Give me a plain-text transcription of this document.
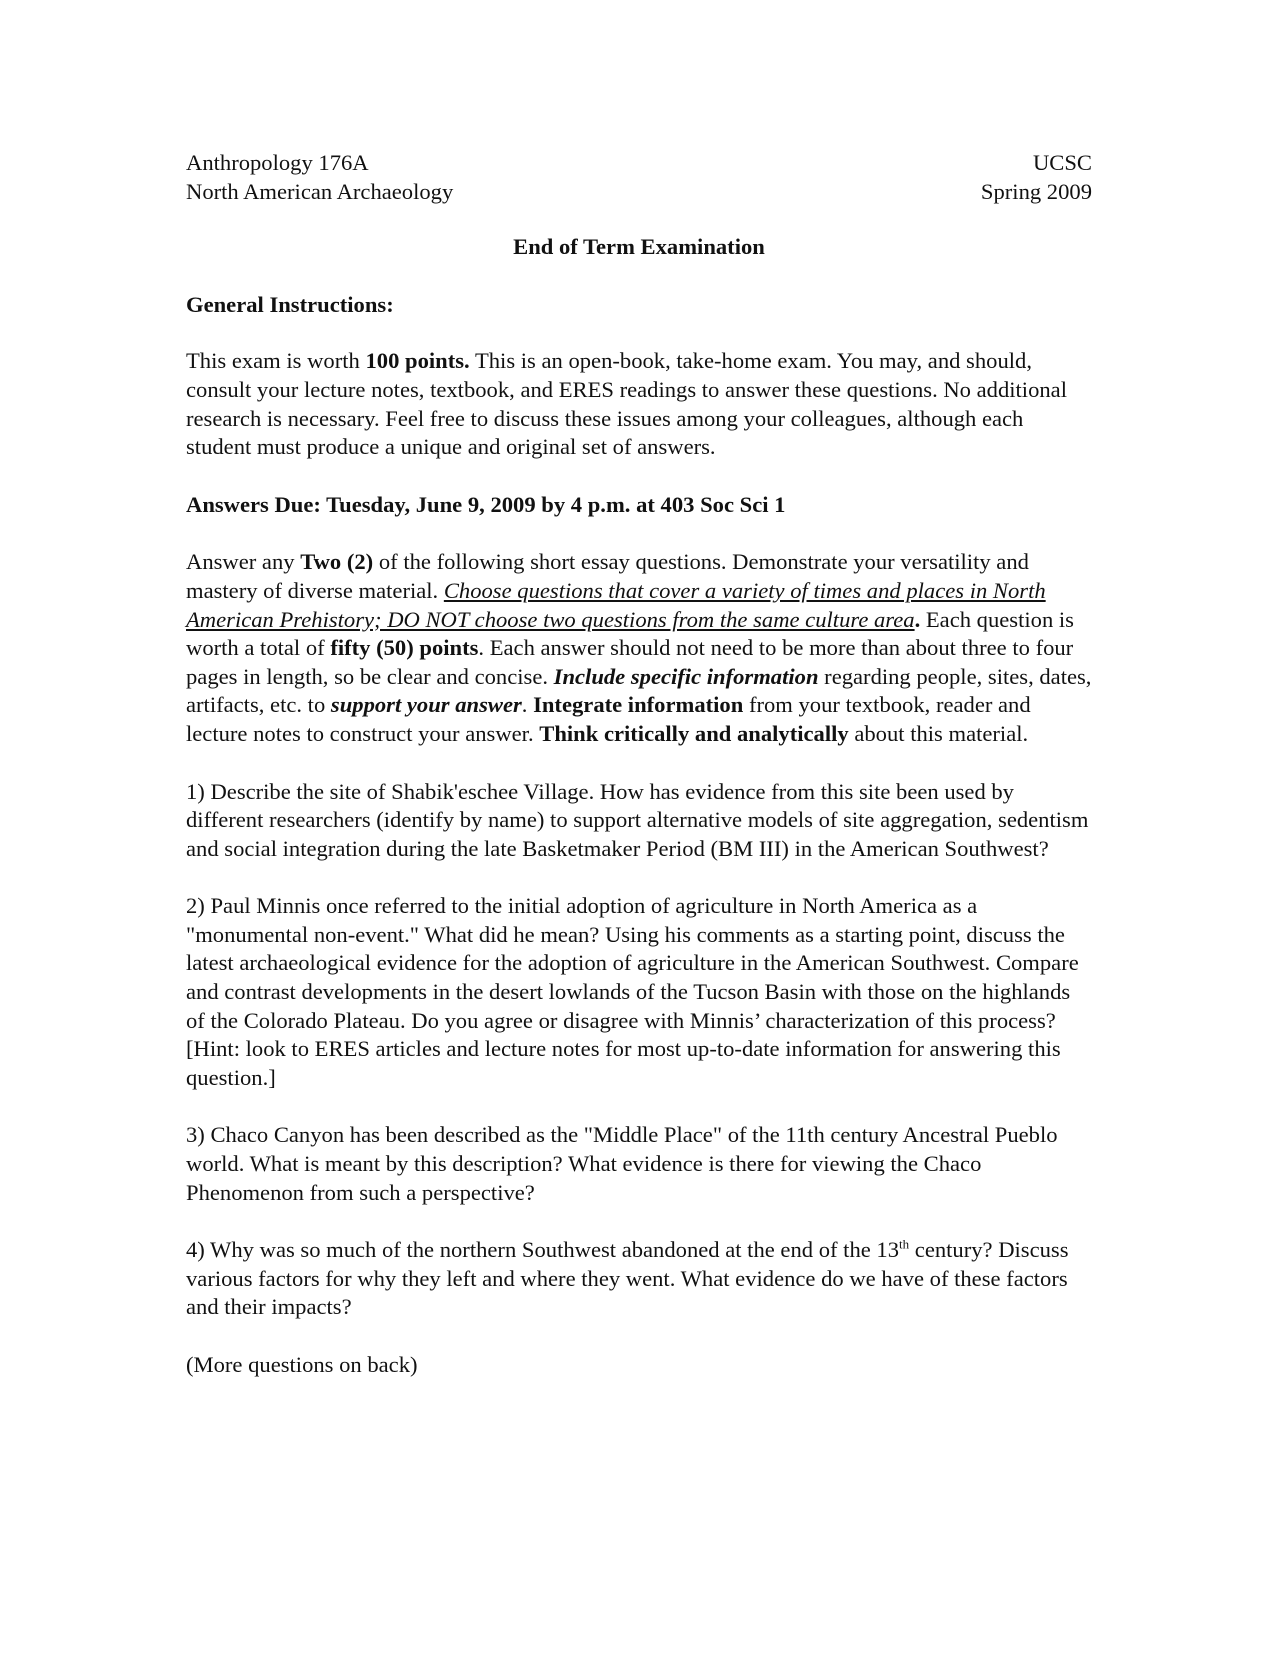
Anthropology 176A	UCSC
North American Archaeology	Spring 2009
End of Term Examination
General Instructions:

This exam is worth 100 points. This is an open-book, take-home exam. You may, and should, consult your lecture notes, textbook, and ERES readings to answer these questions. No additional research is necessary. Feel free to discuss these issues among your colleagues, although each student must produce a unique and original set of answers.

Answers Due: Tuesday, June 9, 2009 by 4 p.m. at 403 Soc Sci 1

Answer any Two (2) of the following short essay questions. Demonstrate your versatility and mastery of diverse material. Choose questions that cover a variety of times and places in North American Prehistory; DO NOT choose two questions from the same culture area. Each question is worth a total of fifty (50) points. Each answer should not need to be more than about three to four pages in length, so be clear and concise. Include specific information regarding people, sites, dates, artifacts, etc. to support your answer. Integrate information from your textbook, reader and lecture notes to construct your answer. Think critically and analytically about this material.

1) Describe the site of Shabik'eschee Village. How has evidence from this site been used by different researchers (identify by name) to support alternative models of site aggregation, sedentism and social integration during the late Basketmaker Period (BM III) in the American Southwest?

2) Paul Minnis once referred to the initial adoption of agriculture in North America as a "monumental non-event." What did he mean? Using his comments as a starting point, discuss the latest archaeological evidence for the adoption of agriculture in the American Southwest. Compare and contrast developments in the desert lowlands of the Tucson Basin with those on the highlands of the Colorado Plateau. Do you agree or disagree with Minnis’ characterization of this process? [Hint: look to ERES articles and lecture notes for most up-to-date information for answering this question.]

3) Chaco Canyon has been described as the "Middle Place" of the 11th century Ancestral Pueblo world. What is meant by this description? What evidence is there for viewing the Chaco Phenomenon from such a perspective?

4) Why was so much of the northern Southwest abandoned at the end of the 13th century? Discuss various factors for why they left and where they went. What evidence do we have of these factors and their impacts?

(More questions on back)
